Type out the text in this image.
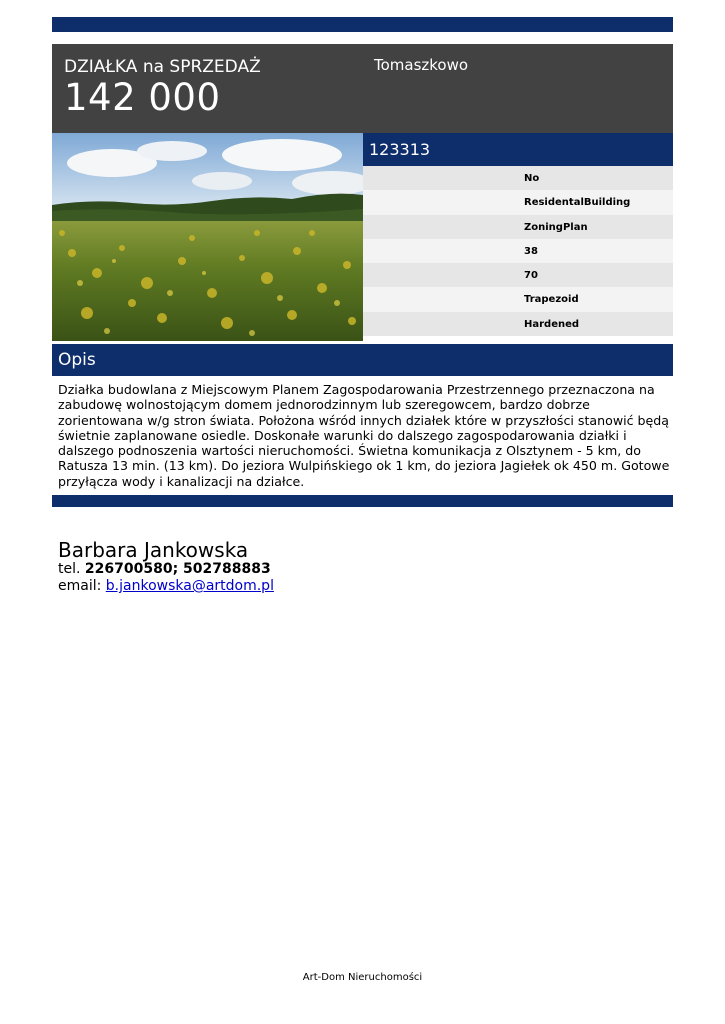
DZIAŁKA na SPRZEDAŻ
142 000
Tomaszkowo
123313
No
ResidentalBuilding
ZoningPlan
38
70
Trapezoid
Hardened
Opis
Działka budowlana z Miejscowym Planem Zagospodarowania Przestrzennego przeznaczona na zabudowę wolnostojącym domem jednorodzinnym lub szeregowcem, bardzo dobrze zorientowana w/g stron świata. Położona wśród innych działek które w przyszłości stanowić będą świetnie zaplanowane osiedle. Doskonałe warunki do dalszego zagospodarowania działki i dalszego podnoszenia wartości nieruchomości. Świetna komunikacja z Olsztynem - 5 km, do Ratusza 13 min. (13 km). Do jeziora Wulpińskiego ok 1 km, do jeziora Jagiełek ok 450 m. Gotowe przyłącza wody i kanalizacji na działce.
Barbara Jankowska
tel. 226700580; 502788883
email: b.jankowska@artdom.pl
Art-Dom Nieruchomości
